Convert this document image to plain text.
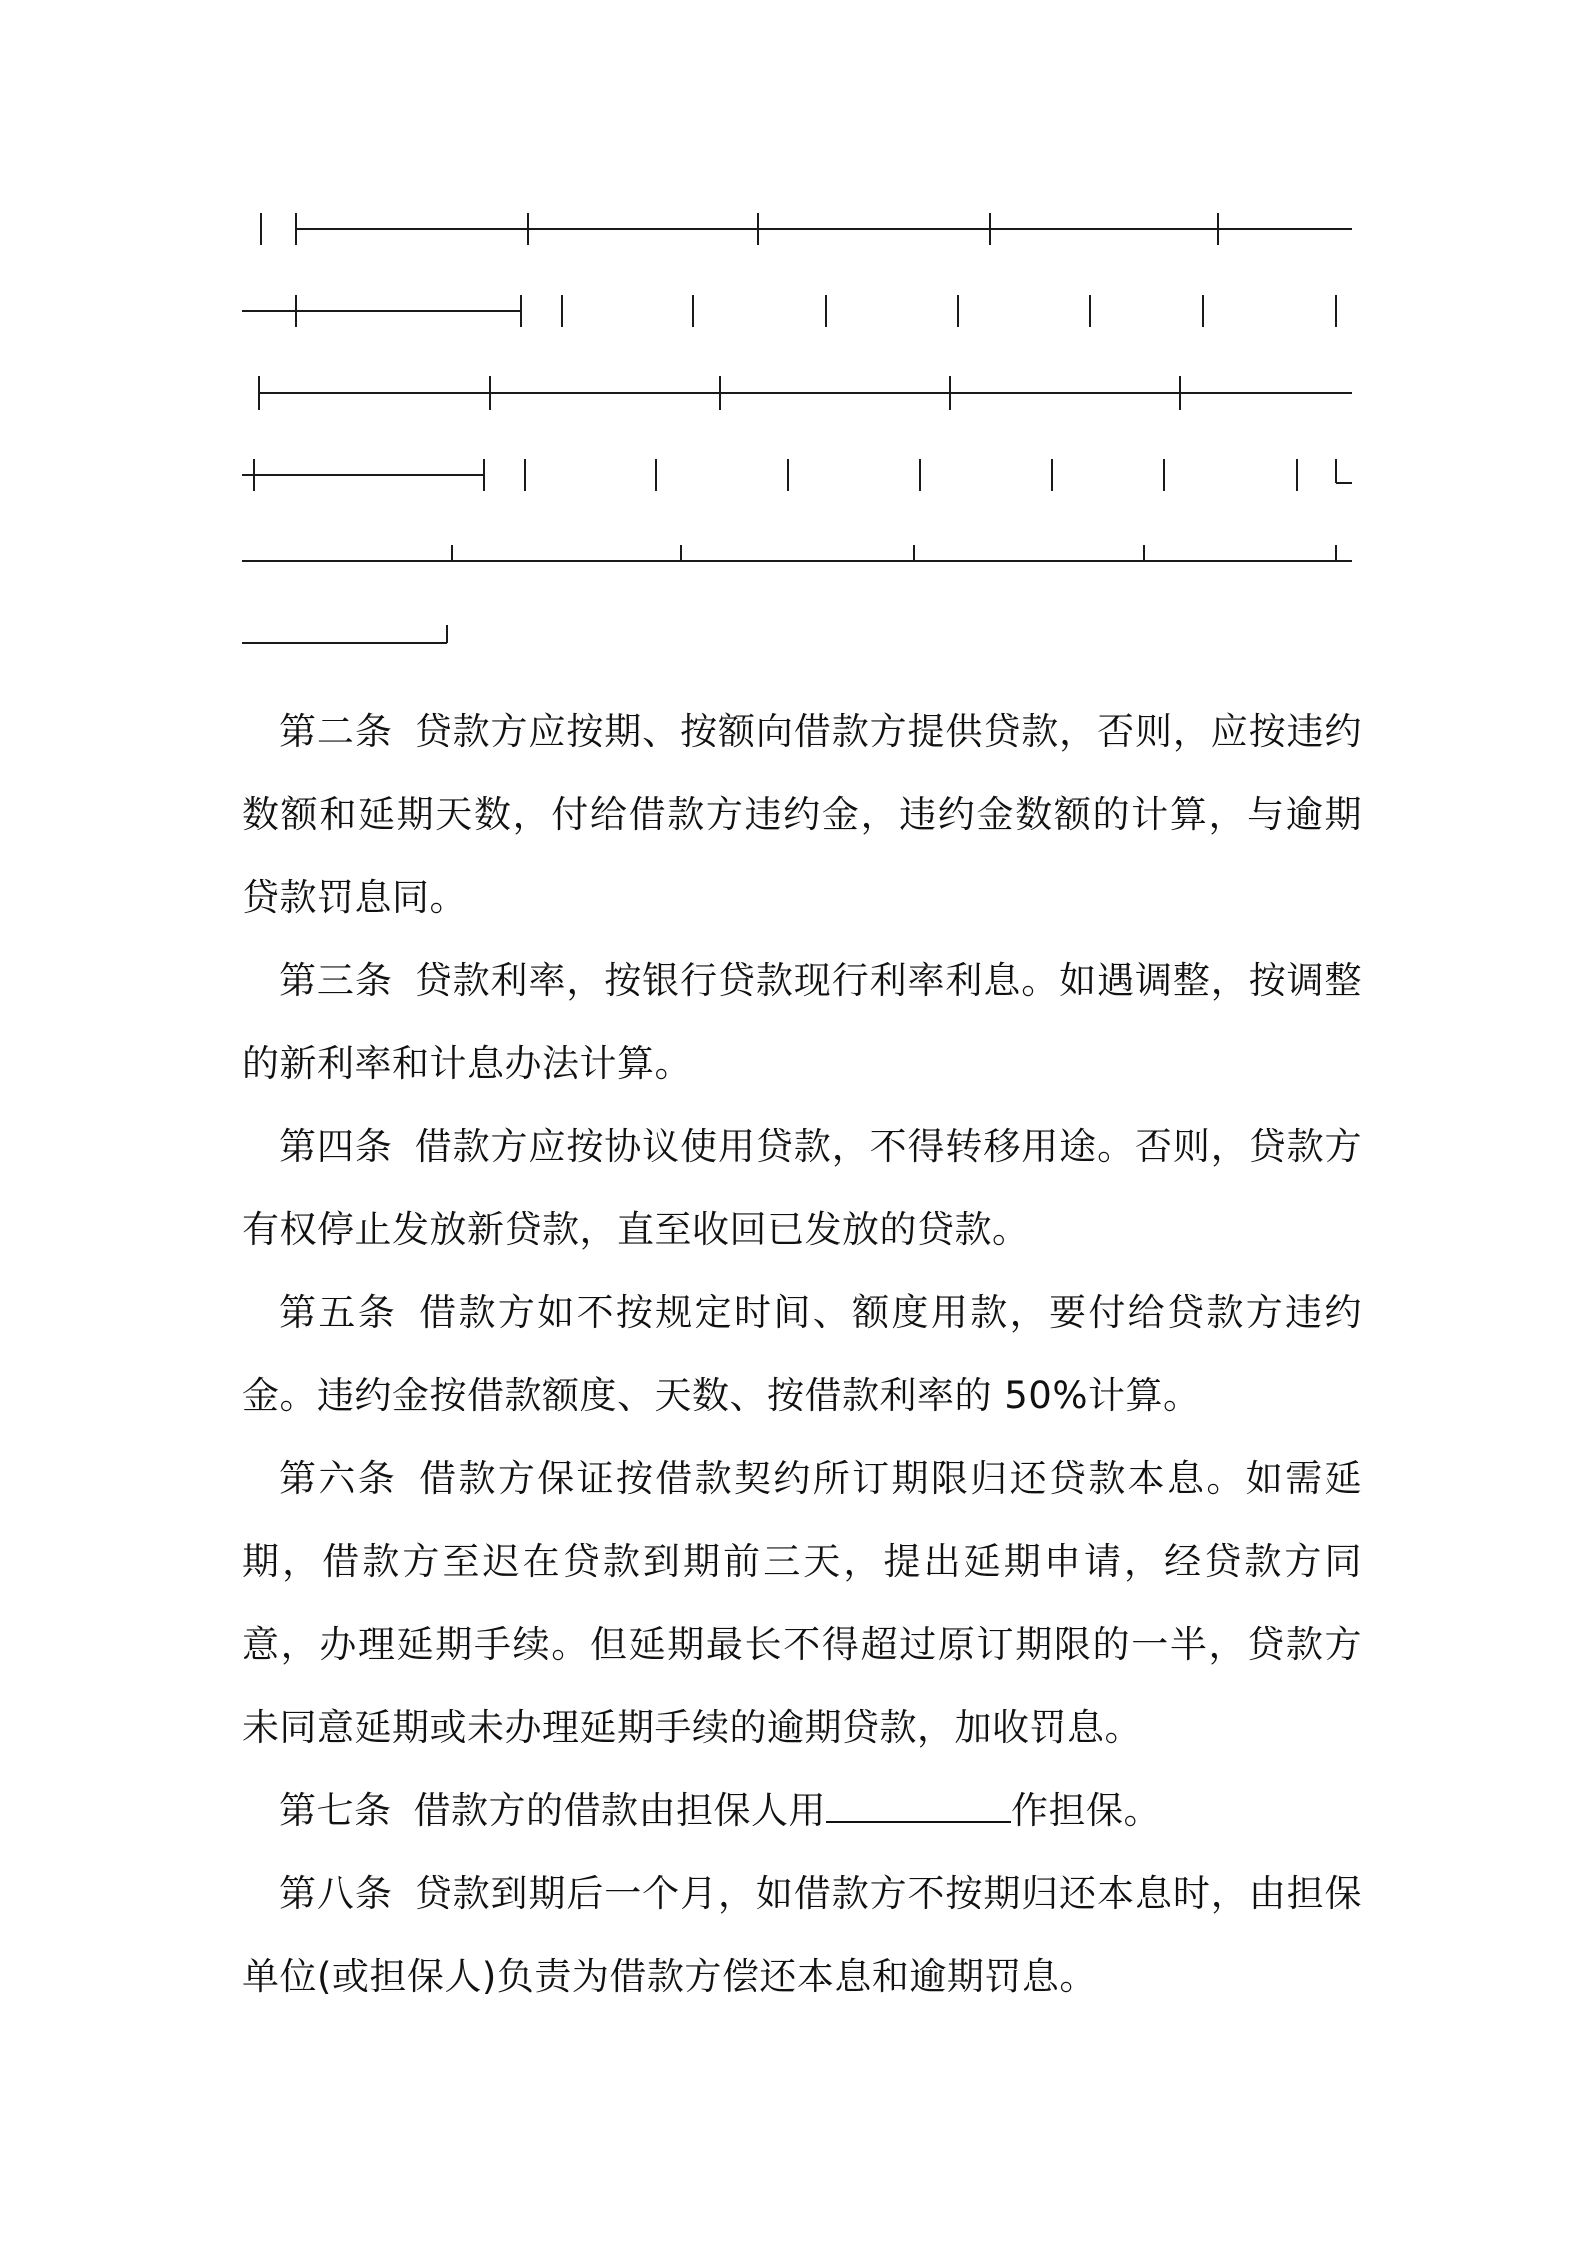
第二条 贷款方应按期、按额向借款方提供贷款，否则，应按违约数额和延期天数，付给借款方违约金，违约金数额的计算，与逾期贷款罚息同。

第三条 贷款利率，按银行贷款现行利率利息。如遇调整，按调整的新利率和计息办法计算。

第四条 借款方应按协议使用贷款，不得转移用途。否则，贷款方有权停止发放新贷款，直至收回已发放的贷款。

第五条 借款方如不按规定时间、额度用款，要付给贷款方违约金。违约金按借款额度、天数、按借款利率的 50%计算。

第六条 借款方保证按借款契约所订期限归还贷款本息。如需延期，借款方至迟在贷款到期前三天，提出延期申请，经贷款方同意，办理延期手续。但延期最长不得超过原订期限的一半，贷款方未同意延期或未办理延期手续的逾期贷款，加收罚息。

第七条 借款方的借款由担保人用	作担保。

第八条 贷款到期后一个月，如借款方不按期归还本息时，由担保单位(或担保人)负责为借款方偿还本息和逾期罚息。
